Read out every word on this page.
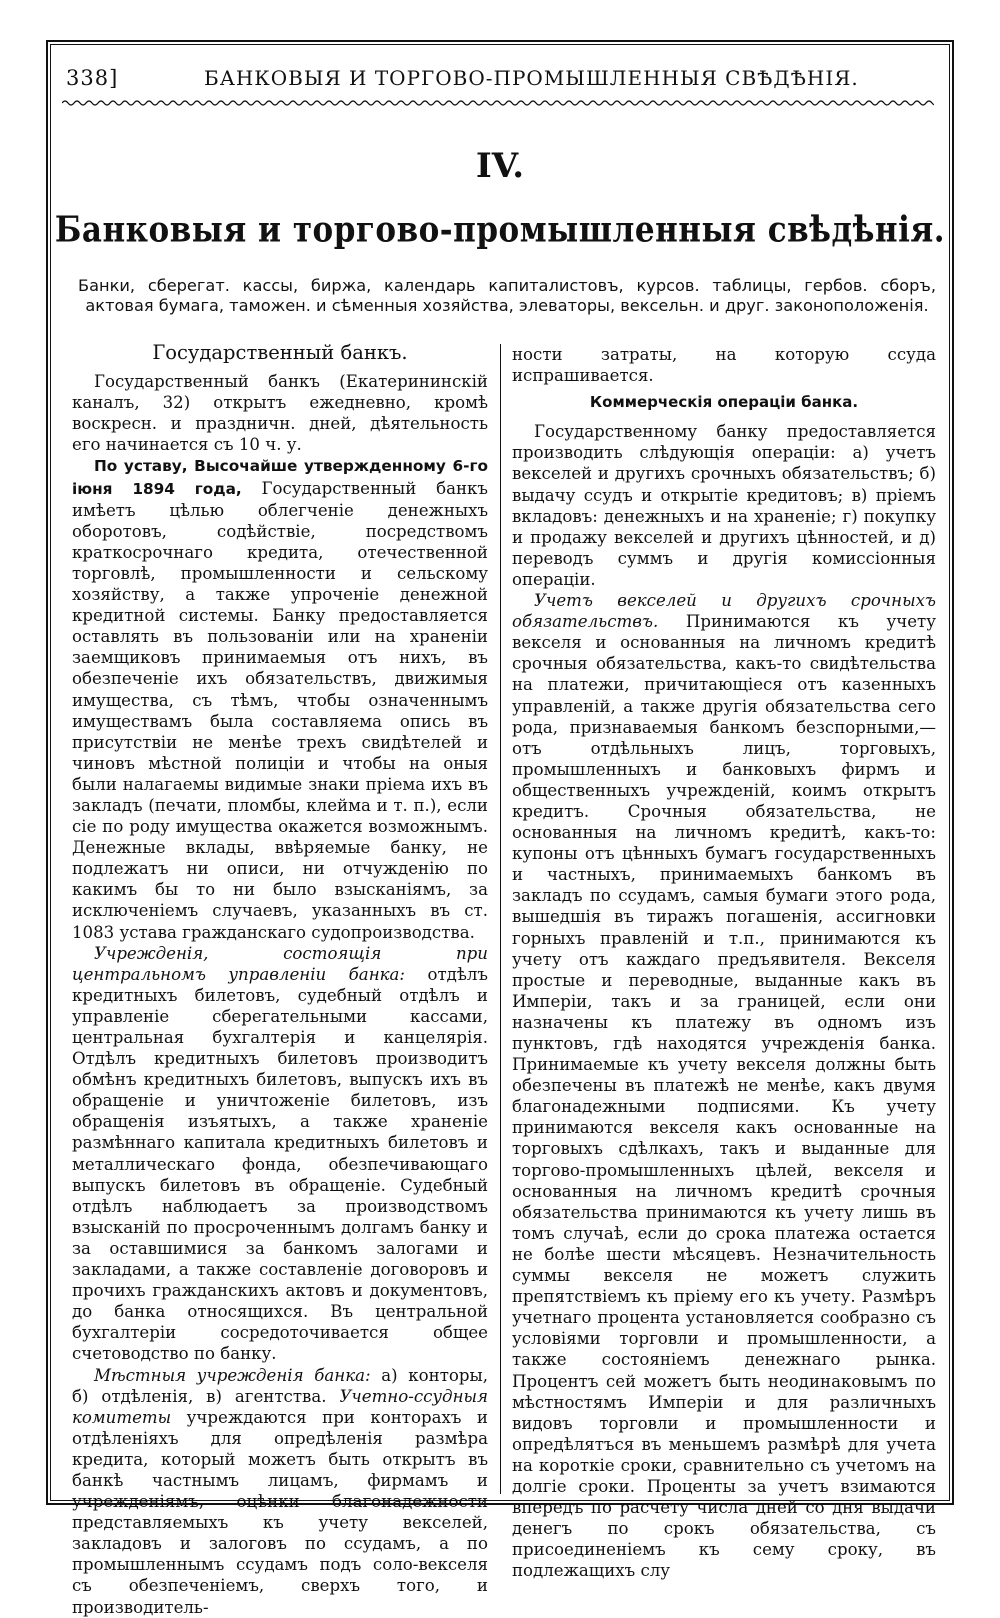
338]	БАНКОВЫЯ И ТОРГОВО-ПРОМЫШЛЕННЫЯ СВѢДѢНІЯ.
IV.
Банковыя и торгово-промышленныя свѣдѣнія.
Банки, сберегат. кассы, биржа, календарь капиталистовъ, курсов. таблицы, гербов. сборъ, актовая бумага, таможен. и сѣменныя хозяйства, элеваторы, вексельн. и друг. законоположенія.
Государственный банкъ.

Государственный банкъ (Екатерининскій каналъ, 32) открытъ ежедневно, кромѣ воскресн. и праздничн. дней, дѣятельность его начинается съ 10 ч. у.

По уставу, Высочайше утвержденному 6-го іюня 1894 года, Государственный банкъ имѣетъ цѣлью облегченіе денежныхъ оборотовъ, содѣйствіе, посредствомъ краткосрочнаго кредита, отечественной торговлѣ, промышленности и сельскому хозяйству, а также упроченіе денежной кредитной системы. Банку предоставляется оставлять въ пользованіи или на храненіи заемщиковъ принимаемыя отъ нихъ, въ обезпеченіе ихъ обязательствъ, движимыя имущества, съ тѣмъ, чтобы означеннымъ имуществамъ была составляема опись въ присутствіи не менѣе трехъ свидѣтелей и чиновъ мѣстной полиціи и чтобы на оныя были налагаемы видимые знаки пріема ихъ въ закладъ (печати, пломбы, клейма и т. п.), если сіе по роду имущества окажется возможнымъ. Денежные вклады, ввѣряемые банку, не подлежатъ ни описи, ни отчужденію по какимъ бы то ни было взысканіямъ, за исключеніемъ случаевъ, указанныхъ въ ст. 1083 устава гражданскаго судопроизводства.

Учрежденія, состоящія при центральномъ управленіи банка: отдѣлъ кредитныхъ билетовъ, судебный отдѣлъ и управленіе сберегательными кассами, центральная бухгалтерія и канцелярія. Отдѣлъ кредитныхъ билетовъ производитъ обмѣнъ кредитныхъ билетовъ, выпускъ ихъ въ обращеніе и уничтоженіе билетовъ, изъ обращенія изъятыхъ, а также храненіе размѣннаго капитала кредитныхъ билетовъ и металлическаго фонда, обезпечивающаго выпускъ билетовъ въ обращеніе. Судебный отдѣлъ наблюдаетъ за производствомъ взысканій по просроченнымъ долгамъ банку и за оставшимися за банкомъ залогами и закладами, а также составленіе договоровъ и прочихъ гражданскихъ актовъ и документовъ, до банка относящихся. Въ центральной бухгалтеріи сосредоточивается общее счетоводство по банку.

Мѣстныя учрежденія банка: а) конторы, б) отдѣленія, в) агентства. Учетно-ссудныя комитеты учреждаются при конторахъ и отдѣленіяхъ для опредѣленія размѣра кредита, который можетъ быть открытъ въ банкѣ частнымъ лицамъ, фирмамъ и учрежденіямъ, оцѣнки благонадежности представляемыхъ къ учету векселей, закладовъ и залоговъ по ссудамъ, а по промышленнымъ ссудамъ подъ соло-векселя съ обезпеченіемъ, сверхъ того, и производитель-

ности затраты, на которую ссуда испрашивается.

Коммерческія операціи банка.

Государственному банку предоставляется производить слѣдующія операціи: а) учетъ векселей и другихъ срочныхъ обязательствъ; б) выдачу ссудъ и открытіе кредитовъ; в) пріемъ вкладовъ: денежныхъ и на храненіе; г) покупку и продажу векселей и другихъ цѣнностей, и д) переводъ суммъ и другія комиссіонныя операціи.

Учетъ векселей и другихъ срочныхъ обязательствъ. Принимаются къ учету векселя и основанныя на личномъ кредитѣ срочныя обязательства, какъ-то свидѣтельства на платежи, причитающіеся отъ казенныхъ управленій, а также другія обязательства сего рода, признаваемыя банкомъ безспорными,—отъ отдѣльныхъ лицъ, торговыхъ, промышленныхъ и банковыхъ фирмъ и общественныхъ учрежденій, коимъ открытъ кредитъ. Срочныя обязательства, не основанныя на личномъ кредитѣ, какъ-то: купоны отъ цѣнныхъ бумагъ государственныхъ и частныхъ, принимаемыхъ банкомъ въ закладъ по ссудамъ, самыя бумаги этого рода, вышедшія въ тиражъ погашенія, ассигновки горныхъ правленій и т.п., принимаются къ учету отъ каждаго предъявителя. Векселя простые и переводные, выданные какъ въ Имперіи, такъ и за границей, если они назначены къ платежу въ одномъ изъ пунктовъ, гдѣ находятся учрежденія банка. Принимаемые къ учету векселя должны быть обезпечены въ платежѣ не менѣе, какъ двумя благонадежными подписями. Къ учету принимаются векселя какъ основанные на торговыхъ сдѣлкахъ, такъ и выданные для торгово-промышленныхъ цѣлей, векселя и основанныя на личномъ кредитѣ срочныя обязательства принимаются къ учету лишь въ томъ случаѣ, если до срока платежа остается не болѣе шести мѣсяцевъ. Незначительность суммы векселя не можетъ служить препятствіемъ къ пріему его къ учету. Размѣръ учетнаго процента установляется сообразно съ условіями торговли и промышленности, а также состояніемъ денежнаго рынка. Процентъ сей можетъ быть неодинаковымъ по мѣстностямъ Имперіи и для различныхъ видовъ торговли и промышленности и опредѣлятъся въ меньшемъ размѣрѣ для учета на короткіе сроки, сравнительно съ учетомъ на долгіе сроки. Проценты за учетъ взимаются впередъ по расчету числа дней со дня выдачи денегъ по срокъ обязательства, съ присоединеніемъ къ сему сроку, въ подлежащихъ слу
